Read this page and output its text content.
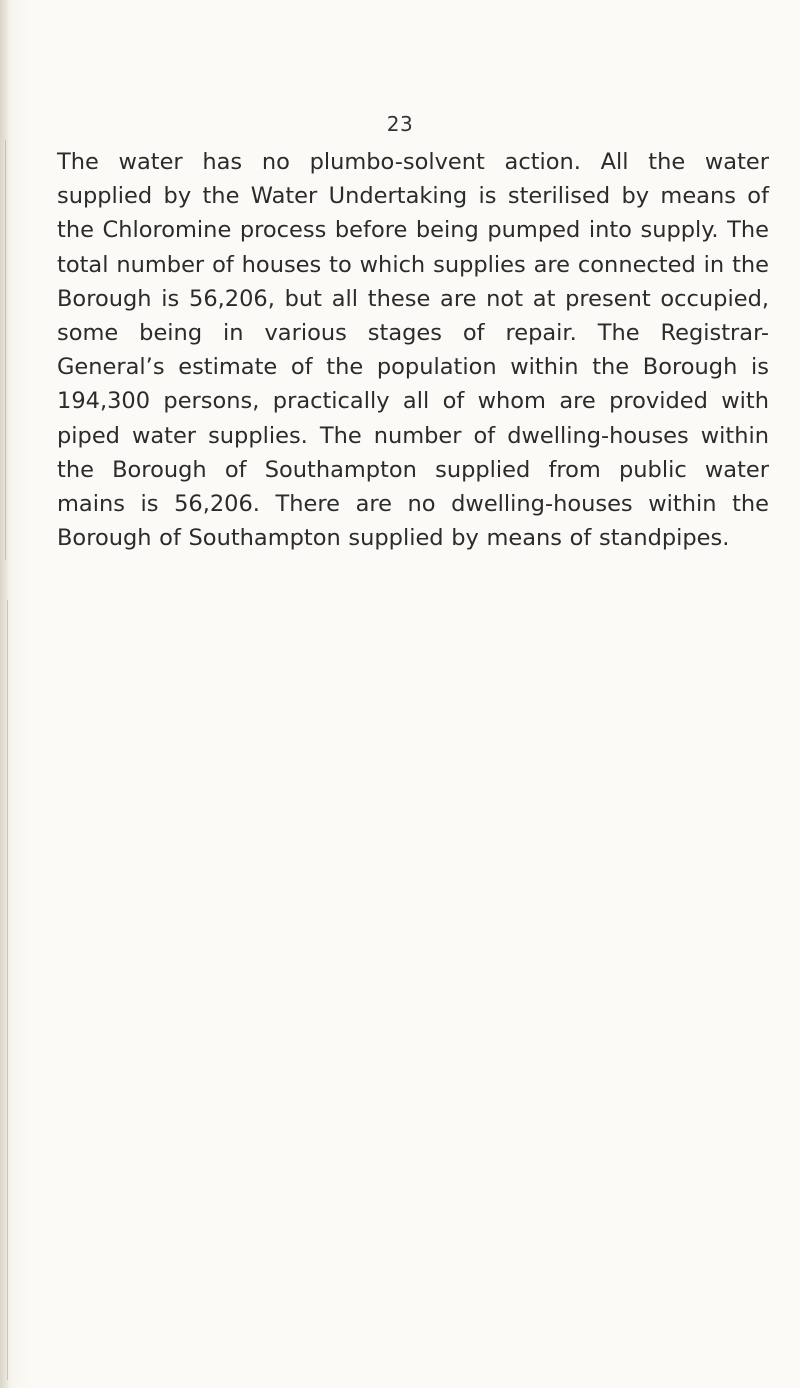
23

The water has no plumbo-solvent action. All the water supplied by the Water Undertaking is sterilised by means of the Chloromine process before being pumped into supply. The total number of houses to which supplies are connected in the Borough is 56,206, but all these are not at present occupied, some being in various stages of repair. The Registrar-General’s estimate of the population within the Borough is 194,300 persons, practically all of whom are provided with piped water supplies. The number of dwelling-houses within the Borough of Southampton supplied from public water mains is 56,206. There are no dwelling-houses within the Borough of Southampton supplied by means of standpipes.
